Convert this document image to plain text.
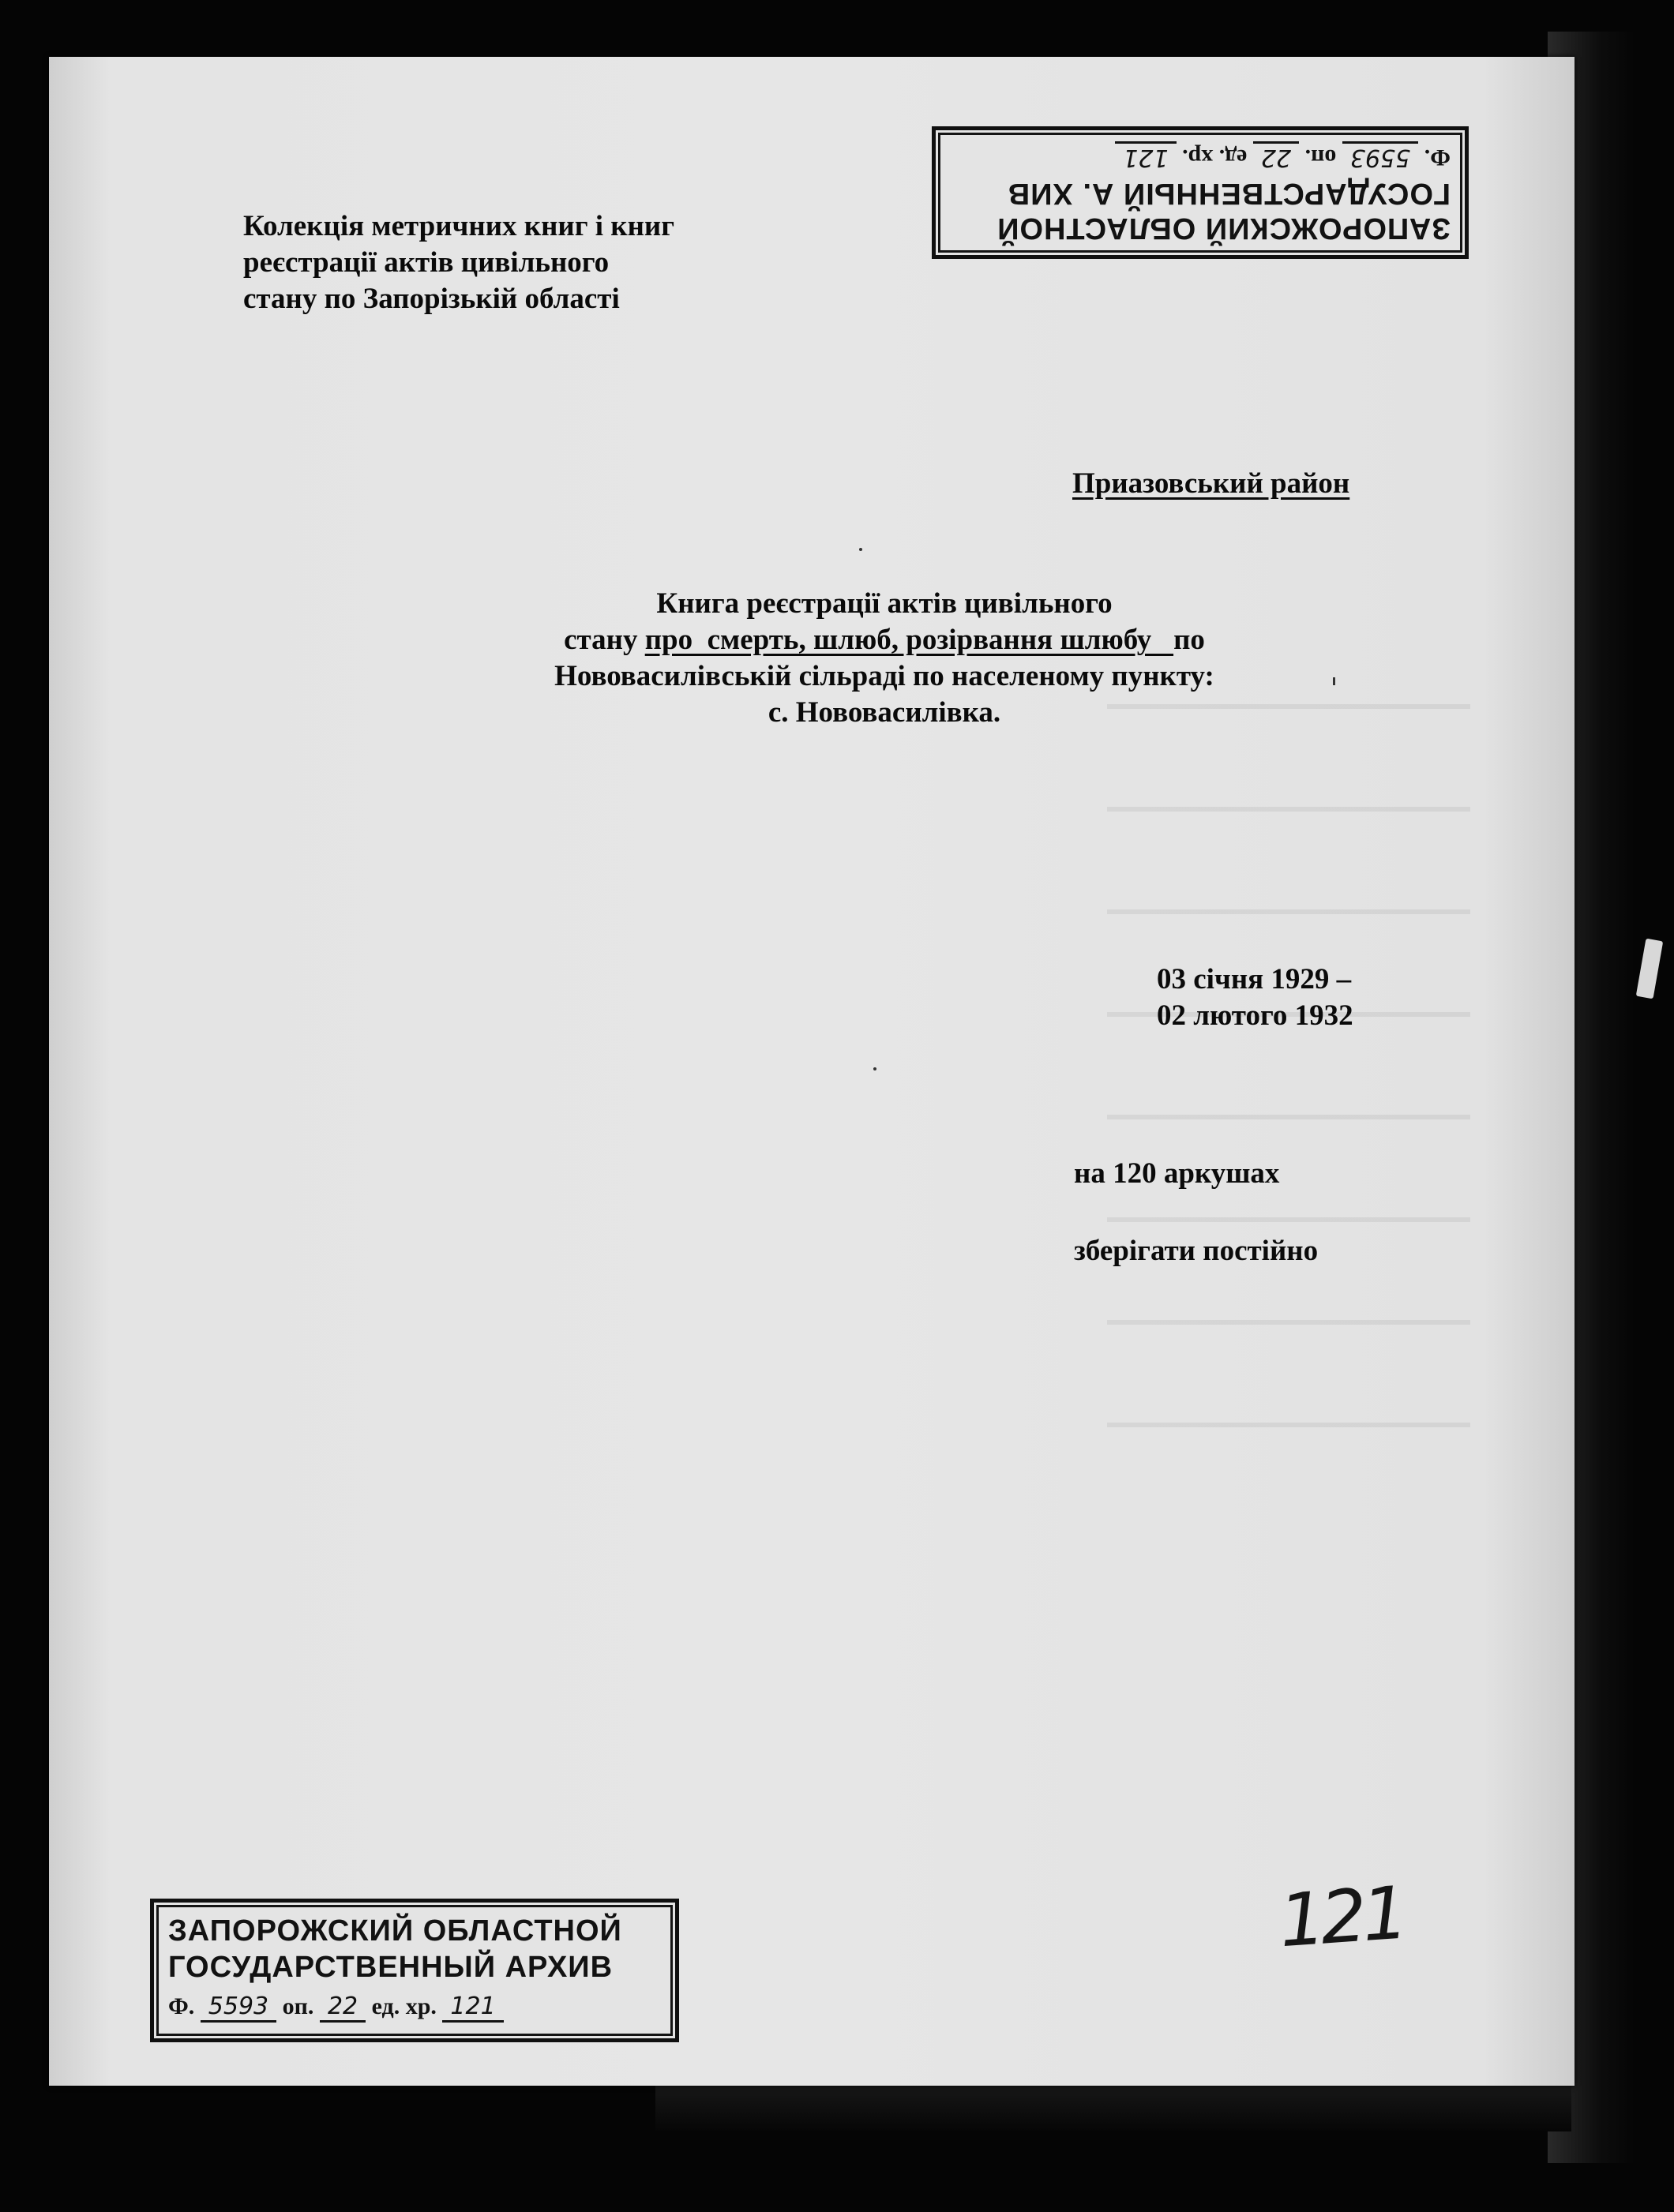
ЗАПОРОЖСКИЙ ОБЛАСТНОЙ
ГОСУДАРСТВЕННЫЙ А. ХИВ
Ф. 5593 оп. 22 ед. хр. 121
Колекція метричних книг і книг
реєстрації актів цивільного
стану по Запорізькій області
Приазовський район
Книга реєстрації актів цивільного
стану про  смерть, шлюб, розірвання шлюбу   по
Нововасилівській сільраді по населеному пункту:
с. Нововасилівка.
03 січня 1929 –
02 лютого 1932
на 120 аркушах
зберігати постійно
121
ЗАПОРОЖСКИЙ ОБЛАСТНОЙ
ГОСУДАРСТВЕННЫЙ АРХИВ
Ф. 5593 оп. 22 ед. хр. 121
